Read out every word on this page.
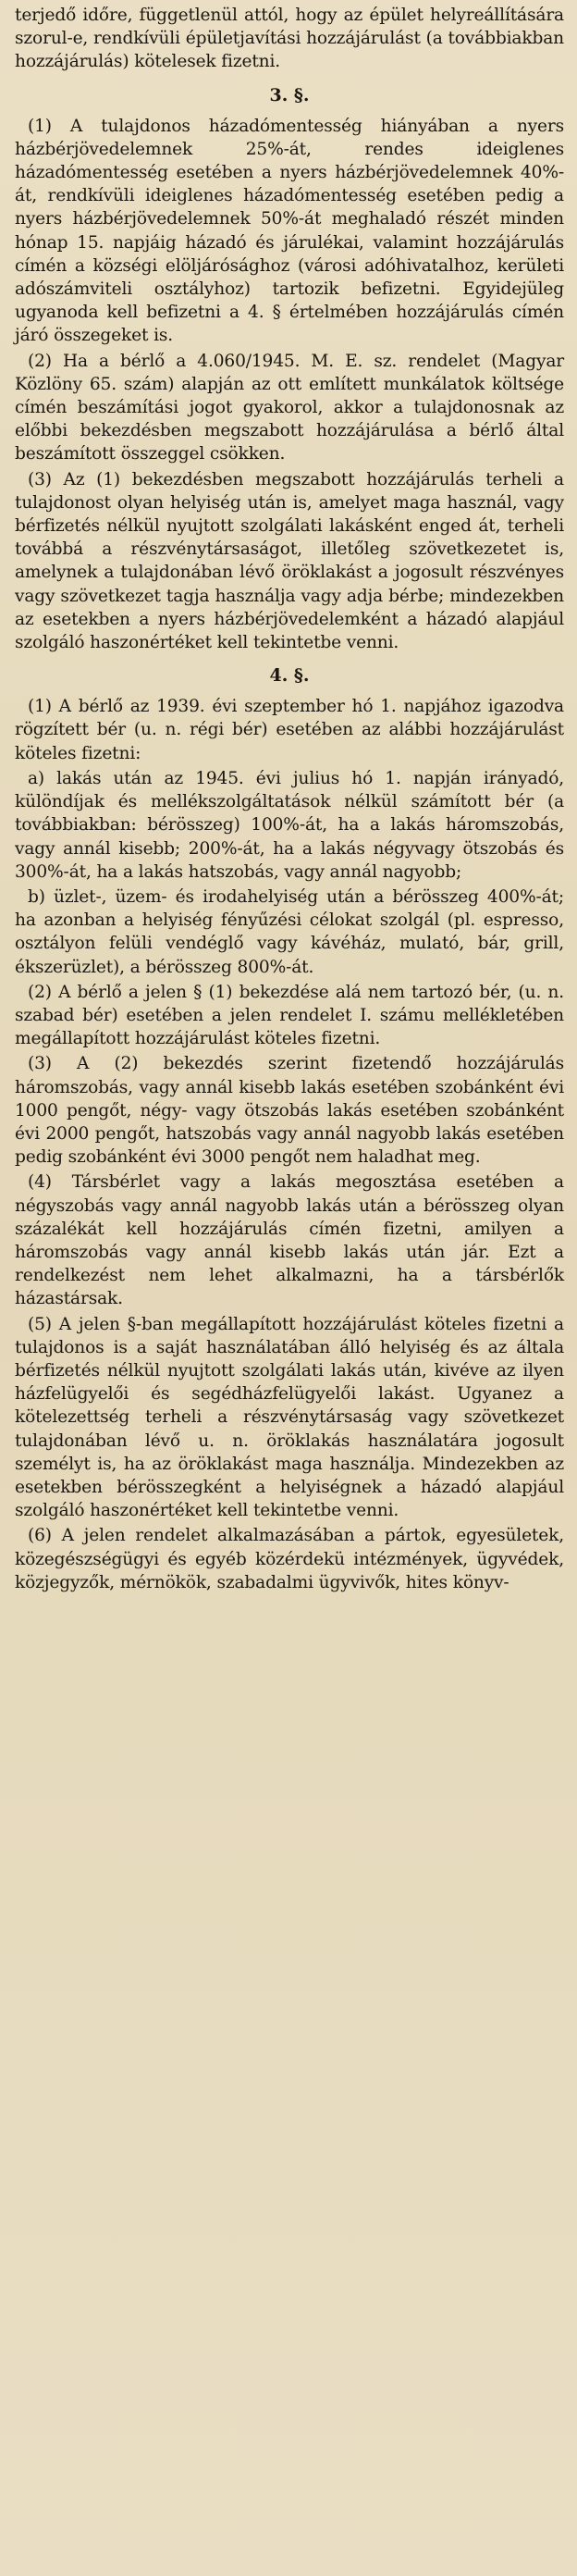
terjedő időre, függetlenül attól, hogy az épület helyreállítására szorul-e, rendkívüli épületjavítási hozzájárulást (a továbbiakban hozzájárulás) kötelesek fizetni.

3. §.

(1) A tulajdonos házadómentesség hiányában a nyers házbérjövedelemnek 25%-át, rendes ideiglenes házadómentesség esetében a nyers házbérjövedelemnek 40%-át, rendkívüli ideiglenes házadómentesség esetében pedig a nyers házbérjövedelemnek 50%-át meghaladó részét minden hónap 15. napjáig házadó és járulékai, valamint hozzájárulás címén a községi elöljárósághoz (városi adóhivatalhoz, kerületi adószámviteli osztályhoz) tartozik befizetni. Egyidejüleg ugyanoda kell befizetni a 4. § értelmében hozzájárulás címén járó összegeket is.

(2) Ha a bérlő a 4.060/1945. M. E. sz. rendelet (Magyar Közlöny 65. szám) alapján az ott említett munkálatok költsége címén beszámítási jogot gyakorol, akkor a tulajdonosnak az előbbi bekezdésben megszabott hozzájárulása a bérlő által beszámított összeggel csökken.

(3) Az (1) bekezdésben megszabott hozzájárulás terheli a tulajdonost olyan helyiség után is, amelyet maga használ, vagy bérfizetés nélkül nyujtott szolgálati lakásként enged át, terheli továbbá a részvénytársaságot, illetőleg szövetkezetet is, amelynek a tulajdonában lévő öröklakást a jogosult részvényes vagy szövetkezet tagja használja vagy adja bérbe; mindezekben az esetekben a nyers házbérjövedelemként a házadó alapjául szolgáló haszonértéket kell tekintetbe venni.

4. §.

(1) A bérlő az 1939. évi szeptember hó 1. napjához igazodva rögzített bér (u. n. régi bér) esetében az alábbi hozzájárulást köteles fizetni:

a) lakás után az 1945. évi julius hó 1. napján irányadó, különdíjak és mellékszolgáltatások nélkül számított bér (a továbbiakban: bérösszeg) 100%-át, ha a lakás háromszobás, vagy annál kisebb; 200%-át, ha a lakás négyvagy ötszobás és 300%-át, ha a lakás hatszobás, vagy annál nagyobb;

b) üzlet-, üzem- és irodahelyiség után a bérösszeg 400%-át; ha azonban a helyiség fényűzési célokat szolgál (pl. espresso, osztályon felüli vendéglő vagy kávéház, mulató, bár, grill, ékszerüzlet), a bérösszeg 800%-át.

(2) A bérlő a jelen § (1) bekezdése alá nem tartozó bér, (u. n. szabad bér) esetében a jelen rendelet I. számu mellékletében megállapított hozzájárulást köteles fizetni.

(3) A (2) bekezdés szerint fizetendő hozzájárulás háromszobás, vagy annál kisebb lakás esetében szobánként évi 1000 pengőt, négy- vagy ötszobás lakás esetében szobánként évi 2000 pengőt, hatszobás vagy annál nagyobb lakás esetében pedig szobánként évi 3000 pengőt nem haladhat meg.

(4) Társbérlet vagy a lakás megosztása esetében a négyszobás vagy annál nagyobb lakás után a bérösszeg olyan százalékát kell hozzájárulás címén fizetni, amilyen a háromszobás vagy annál kisebb lakás után jár. Ezt a rendelkezést nem lehet alkalmazni, ha a társbérlők házastársak.

(5) A jelen §-ban megállapított hozzájárulást köteles fizetni a tulajdonos is a saját használatában álló helyiség és az általa bérfizetés nélkül nyujtott szolgálati lakás után, kivéve az ilyen házfelügyelői és segédházfelügyelői lakást. Ugyanez a kötelezettség terheli a részvénytársaság vagy szövetkezet tulajdonában lévő u. n. öröklakás használatára jogosult személyt is, ha az öröklakást maga használja. Mindezekben az esetekben bérösszegként a helyiségnek a házadó alapjául szolgáló haszonértéket kell tekintetbe venni.

(6) A jelen rendelet alkalmazásában a pártok, egyesületek, közegészségügyi és egyéb közérdekü intézmények, ügyvédek, közjegyzők, mérnökök, szabadalmi ügyvivők, hites könyv-
